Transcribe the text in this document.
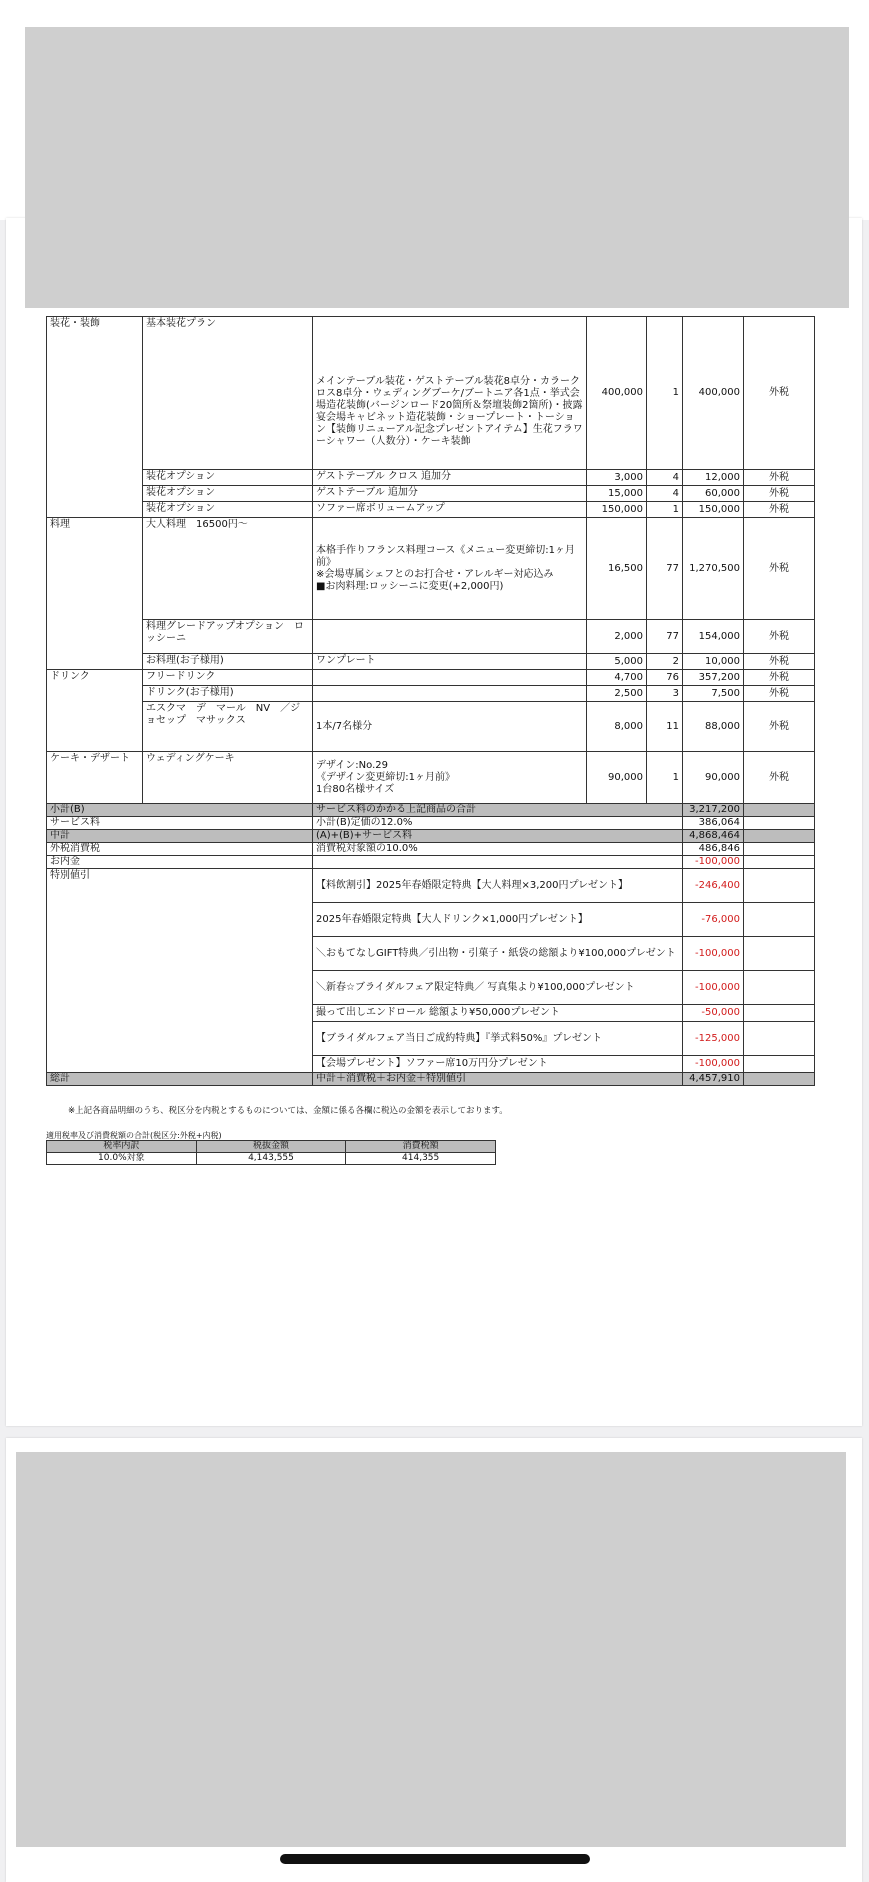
装花・装飾	基本装花プラン	メインテーブル装花・ゲストテーブル装花8卓分・カラークロス8卓分・ウェディングブーケ/ブートニア各1点・挙式会場造花装飾(バージンロード20箇所＆祭壇装飾2箇所)・披露宴会場キャビネット造花装飾・ショープレート・トーション【装飾リニューアル記念プレゼントアイテム】生花フラワーシャワー（人数分）・ケーキ装飾	400,000	1	400,000	外税
	装花オプション	ゲストテーブル クロス 追加分	3,000	4	12,000	外税
	装花オプション	ゲストテーブル 追加分	15,000	4	60,000	外税
	装花オプション	ソファー席ボリュームアップ	150,000	1	150,000	外税
料理	大人料理　16500円～	本格手作りフランス料理コース《メニュー変更締切:1ヶ月前》
※会場専属シェフとのお打合せ・アレルギー対応込み
■お肉料理:ロッシーニに変更(+2,000円)	16,500	77	1,270,500	外税
	料理グレードアップオプション　ロッシーニ		2,000	77	154,000	外税
	お料理(お子様用)	ワンプレート	5,000	2	10,000	外税
ドリンク	フリードリンク		4,700	76	357,200	外税
	ドリンク(お子様用)		2,500	3	7,500	外税
	エスクマ　デ　マール　NV　／ジョセップ　マサックス	1本/7名様分	8,000	11	88,000	外税
ケーキ・デザート	ウェディングケーキ	デザイン:No.29
《デザイン変更締切:1ヶ月前》
1台80名様サイズ	90,000	1	90,000	外税
小計(B)		サービス料のかかる上記商品の合計			3,217,200	
サービス料		小計(B)定価の12.0%			386,064	
中計		(A)+(B)+サービス料			4,868,464	
外税消費税		消費税対象額の10.0%			486,846	
お内金					-100,000	
特別値引		【料飲割引】2025年春婚限定特典【大人料理×3,200円プレゼント】			-246,400	
		2025年春婚限定特典【大人ドリンク×1,000円プレゼント】			-76,000	
		＼おもてなしGIFT特典／引出物・引菓子・紙袋の総額より¥100,000プレゼント			-100,000	
		＼新春☆ブライダルフェア限定特典／ 写真集より¥100,000プレゼント			-100,000	
		撮って出しエンドロール 総額より¥50,000プレゼント			-50,000	
		【ブライダルフェア当日ご成約特典】『挙式料50%』プレゼント			-125,000	
		【会場プレゼント】ソファー席10万円分プレゼント			-100,000	
総計		中計＋消費税＋お内金＋特別値引			4,457,910	
※上記各商品明細のうち、税区分を内税とするものについては、金額に係る各欄に税込の金額を表示しております。
適用税率及び消費税額の合計(税区分:外税+内税)
税率内訳	税抜金額	消費税額
10.0%対象	4,143,555	414,355
